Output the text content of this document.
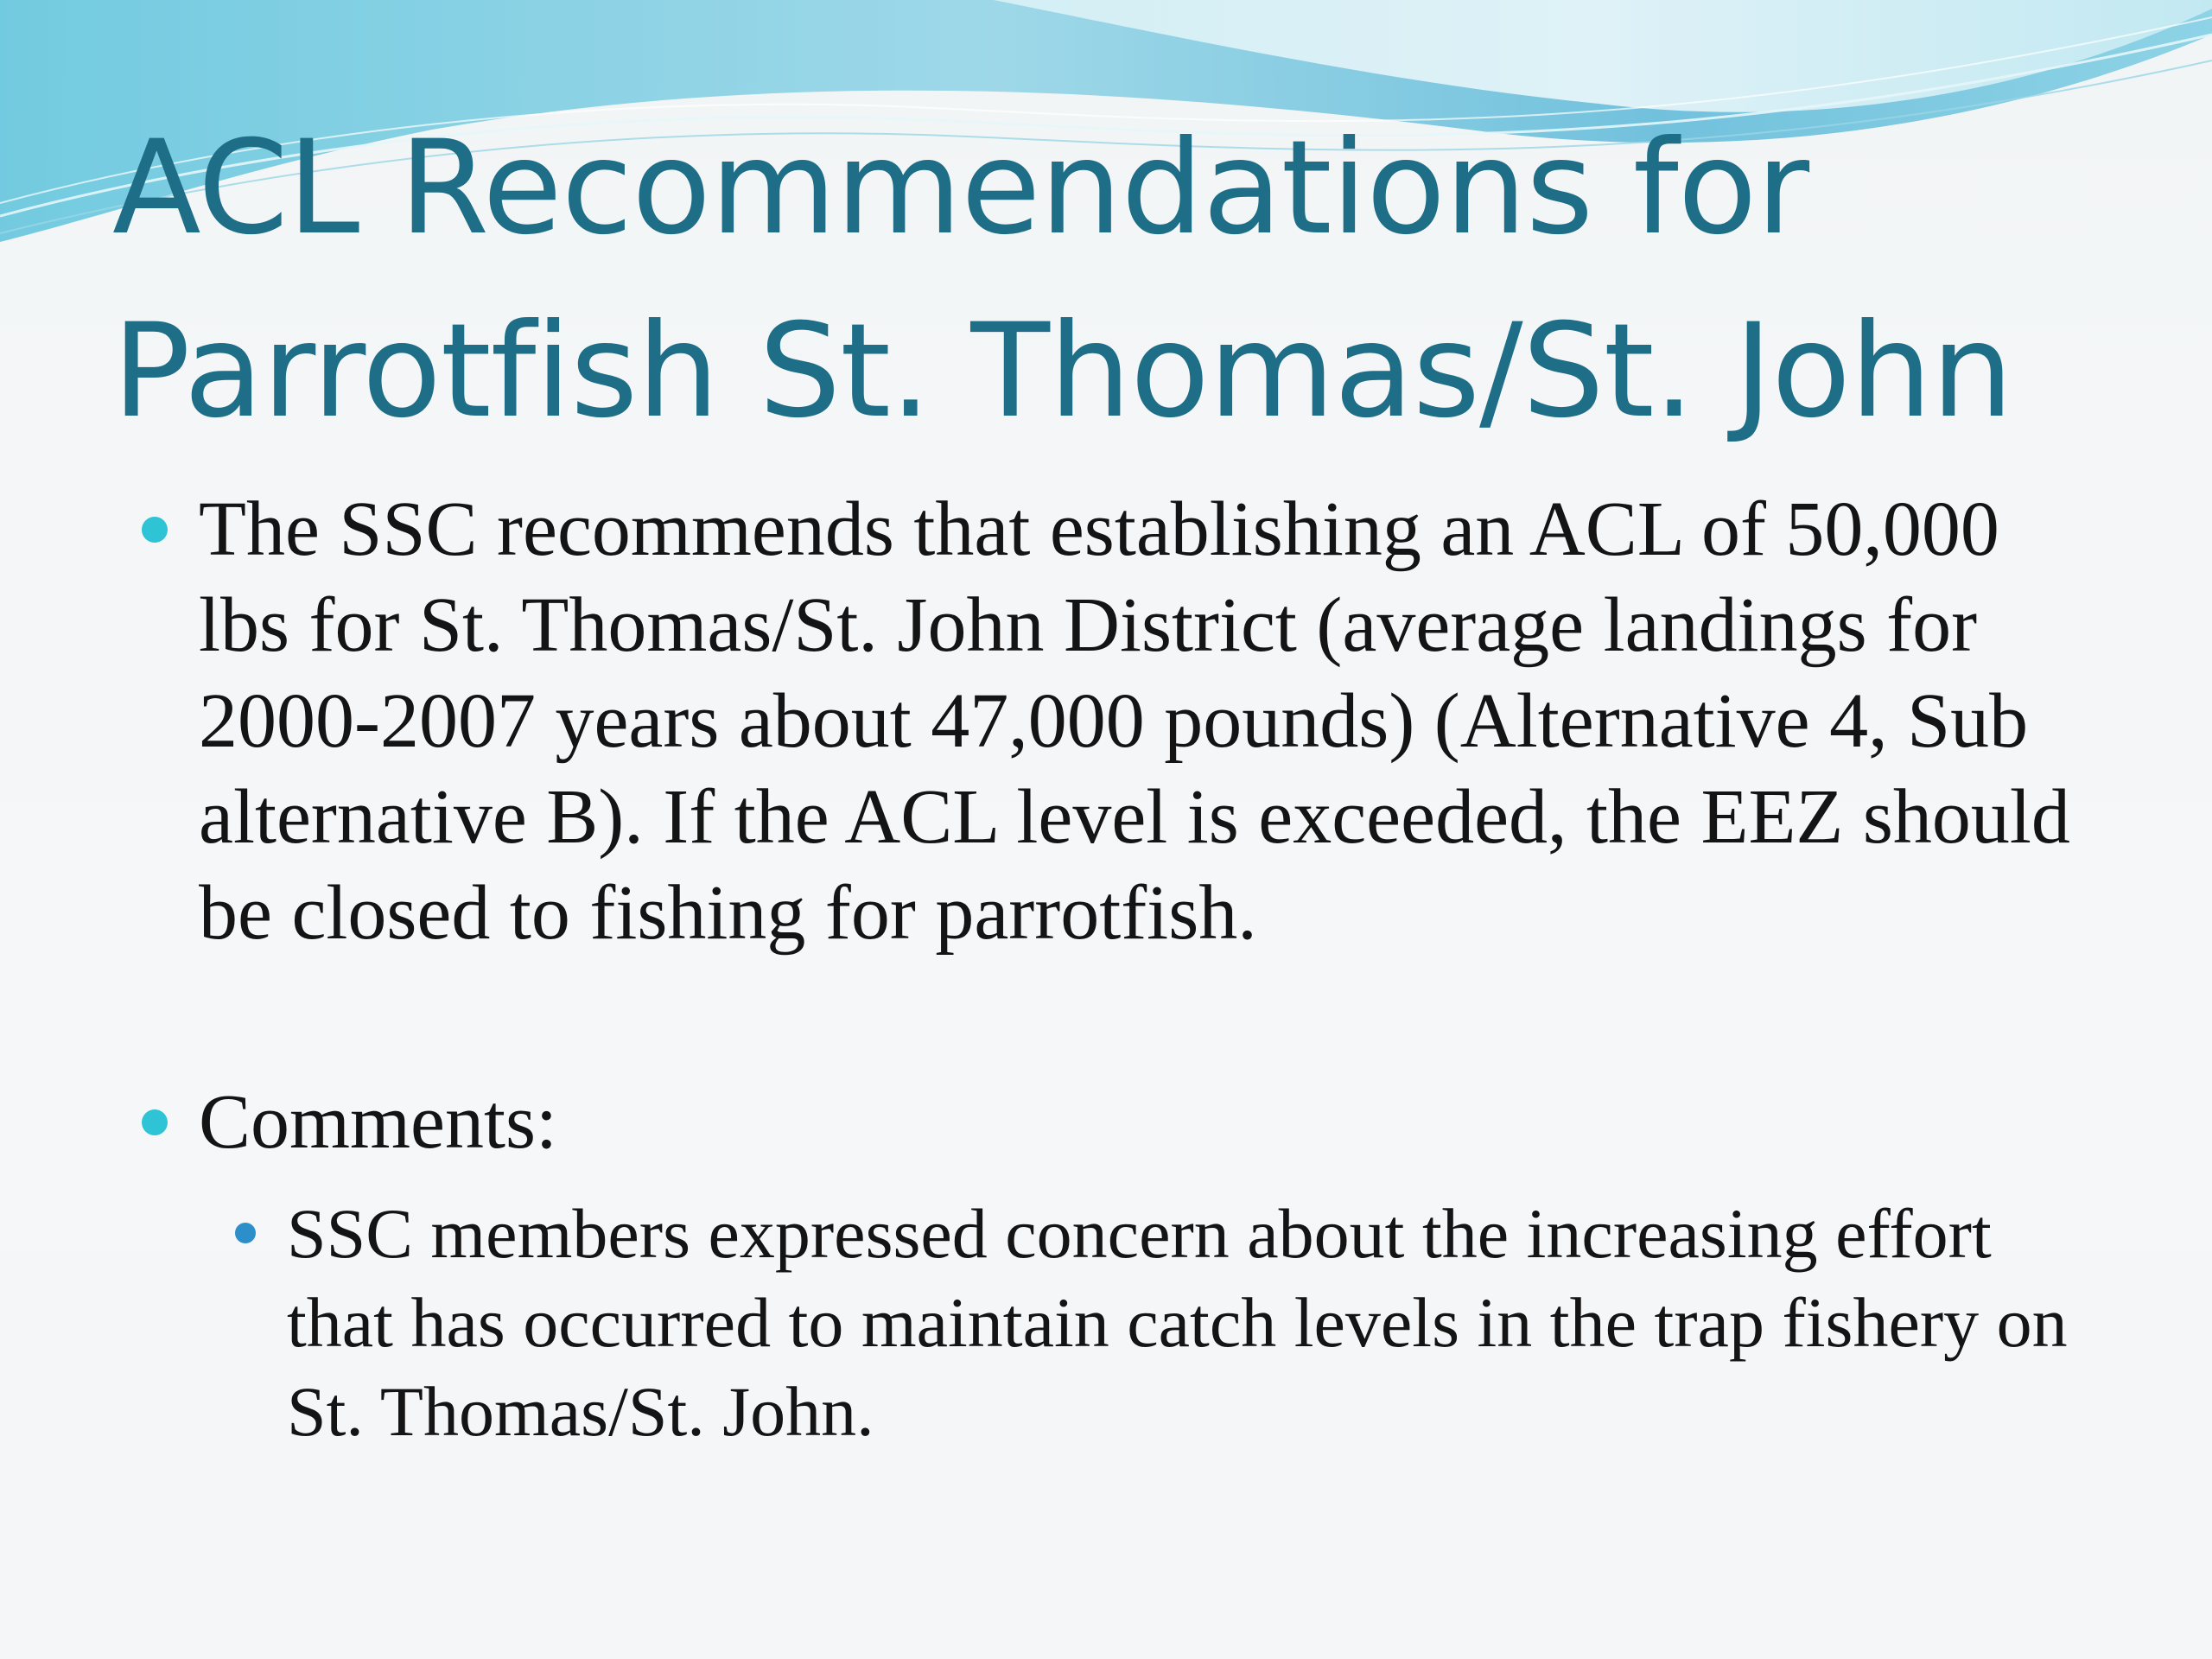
ACL Recommendations for
Parrotfish St. Thomas/St. John
The SSC recommends that establishing an ACL of 50,000 lbs for St. Thomas/St. John District (average landings for 2000-2007 years about 47,000 pounds) (Alternative 4, Sub alternative B). If the ACL level is exceeded, the EEZ should be closed to fishing for parrotfish.
Comments:
SSC members expressed concern about the increasing effort that has occurred to maintain catch levels in the trap fishery on St. Thomas/St. John.
